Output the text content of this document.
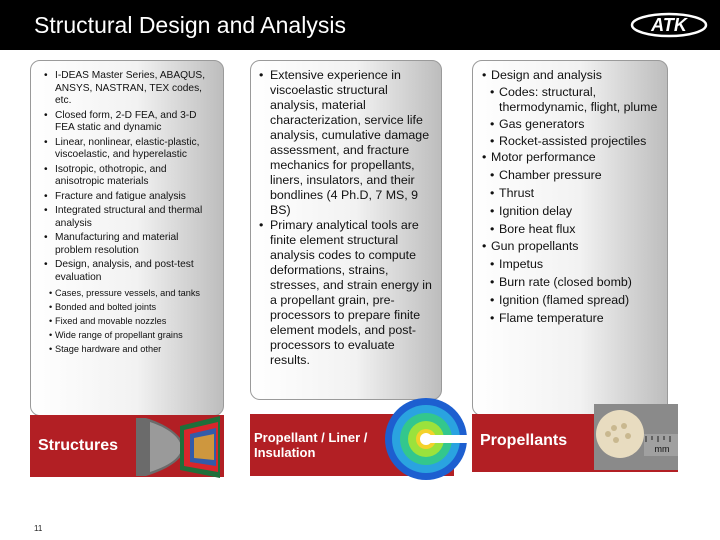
Structural Design and Analysis	ATK
• I-DEAS Master Series, ABAQUS, ANSYS, NASTRAN, TEX codes, etc.
• Closed form, 2-D FEA, and 3-D FEA static and dynamic
• Linear, nonlinear, elastic-plastic, viscoelastic, and hyperelastic
• Isotropic, othotropic, and anisotropic materials
• Fracture and fatigue analysis
• Integrated structural and thermal analysis
• Manufacturing and material problem resolution
• Design, analysis, and post-test evaluation
• Cases, pressure vessels, and tanks
• Bonded and bolted joints
• Fixed and movable nozzles
• Wide range of propellant grains
• Stage hardware and other
• Extensive experience in viscoelastic structural analysis, material characterization, service life analysis, cumulative damage assessment, and fracture mechanics for propellants, liners, insulators, and their bondlines (4 Ph.D, 7 MS, 9 BS)
• Primary analytical tools are finite element structural analysis codes to compute deformations, strains, stresses, and strain energy in a propellant grain, pre-processors to prepare finite element models, and post-processors to evaluate results.
• Design and analysis
• Codes: structural, thermodynamic, flight, plume
• Gas generators
• Rocket-assisted projectiles
• Motor performance
• Chamber pressure
• Thrust
• Ignition delay
• Bore heat flux
• Gun propellants
• Impetus
• Burn rate (closed bomb)
• Ignition (flamed spread)
• Flame temperature
Structures	Propellant / Liner / Insulation
Propellants	mm
11
